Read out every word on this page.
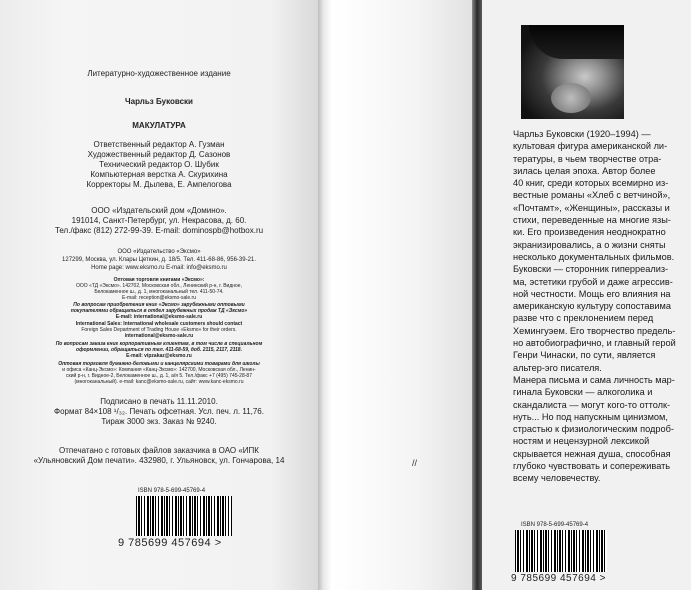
Литературно-художественное издание
Чарльз Буковски
МАКУЛАТУРА
Ответственный редактор А. Гузман
Художественный редактор Д. Сазонов
Технический редактор О. Шубик
Компьютерная верстка А. Скурихина
Корректоры М. Дылева, Е. Ампелогова
ООО «Издательский дом «Домино».
191014, Санкт-Петербург, ул. Некрасова, д. 60.
Тел./факс (812) 272-99-39. E-mail: dominospb@hotbox.ru
ООО «Издательство «Эксмо»
127299, Москва, ул. Клары Цеткин, д. 18/5. Тел. 411-68-86, 956-39-21.
Home page: www.eksmo.ru E-mail: info@eksmo.ru
Оптовая торговля книгами «Эксмо»:
ООО «ТД «Эксмо». 142702, Московская обл., Ленинский р-н, г. Видное,
Белокаменное ш., д. 1, многоканальный тел. 411-50-74.
E-mail: reception@eksmo-sale.ru
По вопросам приобретения книг «Эксмо» зарубежными оптовыми
покупателями обращаться в отдел зарубежных продаж ТД «Эксмо»
E-mail: international@eksmo-sale.ru
International Sales: International wholesale customers should contact
Foreign Sales Department of Trading House «Eksmo» for their orders.
international@eksmo-sale.ru
По вопросам заказа книг корпоративным клиентам, в том числе в специальном
оформлении, обращаться по тел. 411-68-59, доб. 2115, 2117, 2118.
E-mail: vipzakaz@eksmo.ru
Оптовая торговля бумажно-беловыми и канцелярскими товарами для школы
и офиса «Канц-Эксмо»: Компания «Канц-Эксмо»: 142700, Московская обл., Ленин-
ский р-н, г. Видное-2, Белокаменное ш., д. 1, а/я 5. Тел./факс +7 (495) 745-28-87
(многоканальный). e-mail: kanc@eksmo-sale.ru, сайт: www.kanc-eksmo.ru
Подписано в печать 11.11.2010.
Формат 84×108 ¹/₃₂. Печать офсетная. Усл. печ. л. 11,76.
Тираж 3000 экз. Заказ № 9240.
Отпечатано с готовых файлов заказчика в ОАО «ИПК
«Ульяновский Дом печати». 432980, г. Ульяновск, ул. Гончарова, 14
ISBN 978-5-699-45769-4
9 785699 457694 >
//
Чарльз Буковски (1920–1994) —
культовая фигура американской ли-
тературы, в чьем творчестве отра-
зилась целая эпоха. Автор более
40 книг, среди которых всемирно из-
вестные романы «Хлеб с ветчиной»,
«Почтамт», «Женщины», рассказы и
стихи, переведенные на многие язы-
ки. Его произведения неоднократно
экранизировались, а о жизни сняты
несколько документальных фильмов.
Буковски — сторонник гиперреализ-
ма, эстетики грубой и даже агрессив-
ной честности. Мощь его влияния на
американскую культуру сопоставима
разве что с преклонением перед
Хемингуэем. Его творчество предель-
но автобиографично, и главный герой
Генри Чинаски, по сути, является
альтер-эго писателя.
Манера письма и сама личность мар-
гинала Буковски — алкоголика и
скандалиста — могут кого-то оттолк-
нуть... Но под напускным цинизмом,
страстью к физиологическим подроб-
ностям и нецензурной лексикой
скрывается нежная душа, способная
глубоко чувствовать и сопереживать
всему человечеству.
ISBN 978-5-699-45769-4
9 785699 457694 >
